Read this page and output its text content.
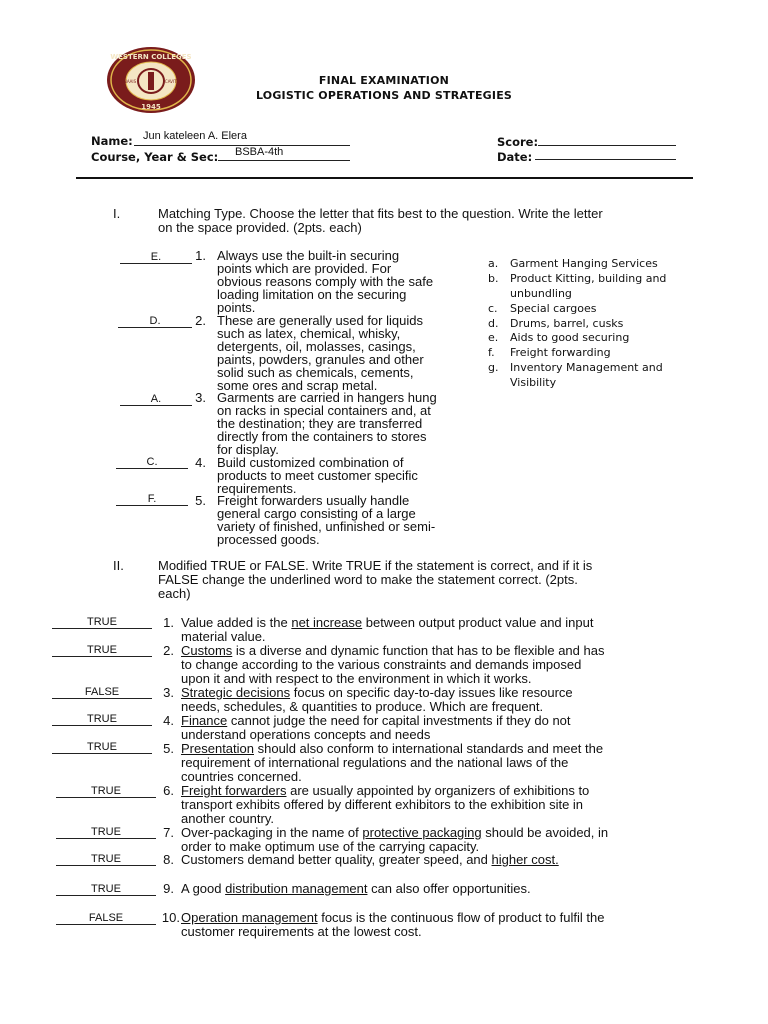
WESTERN COLLEGES
1945
NAAIS	CAVITE	FINAL EXAMINATION
LOGISTIC OPERATIONS AND STRATEGIES
Name: Jun kateleen A. Elera
Course, Year & Sec: BSBA-4th
Score:
Date:
I.	Matching Type. Choose the letter that fits best to the question. Write the letter
on the space provided. (2pts. each)
E.	1. Always use the built-in securing
points which are provided. For
obvious reasons comply with the safe
loading limitation on the securing
points.
D.	2. These are generally used for liquids
such as latex, chemical, whisky,
detergents, oil, molasses, casings,
paints, powders, granules and other
solid such as chemicals, cements,
some ores and scrap metal.
A.	3. Garments are carried in hangers hung
on racks in special containers and, at
the destination; they are transferred
directly from the containers to stores
for display.
C.	4. Build customized combination of
products to meet customer specific
requirements.
F.	5. Freight forwarders usually handle
general cargo consisting of a large
variety of finished, unfinished or semi-
processed goods.
a. Garment Hanging Services
b. Product Kitting, building and
unbundling
c. Special cargoes
d. Drums, barrel, cusks
e. Aids to good securing
f. Freight forwarding
g. Inventory Management and
Visibility
II.	Modified TRUE or FALSE. Write TRUE if the statement is correct, and if it is
FALSE change the underlined word to make the statement correct. (2pts.
each)
TRUE	1. Value added is the net increase between output product value and input
material value.
TRUE	2. Customs is a diverse and dynamic function that has to be flexible and has
to change according to the various constraints and demands imposed
upon it and with respect to the environment in which it works.
FALSE	3. Strategic decisions focus on specific day-to-day issues like resource
needs, schedules, & quantities to produce. Which are frequent.
TRUE	4. Finance cannot judge the need for capital investments if they do not
understand operations concepts and needs
TRUE	5. Presentation should also conform to international standards and meet the
requirement of international regulations and the national laws of the
countries concerned.
TRUE	6. Freight forwarders are usually appointed by organizers of exhibitions to
transport exhibits offered by different exhibitors to the exhibition site in
another country.
TRUE	7. Over-packaging in the name of protective packaging should be avoided, in
order to make optimum use of the carrying capacity.
TRUE	8. Customers demand better quality, greater speed, and higher cost.
TRUE	9. A good distribution management can also offer opportunities.
FALSE	10. Operation management focus is the continuous flow of product to fulfil the
customer requirements at the lowest cost.
